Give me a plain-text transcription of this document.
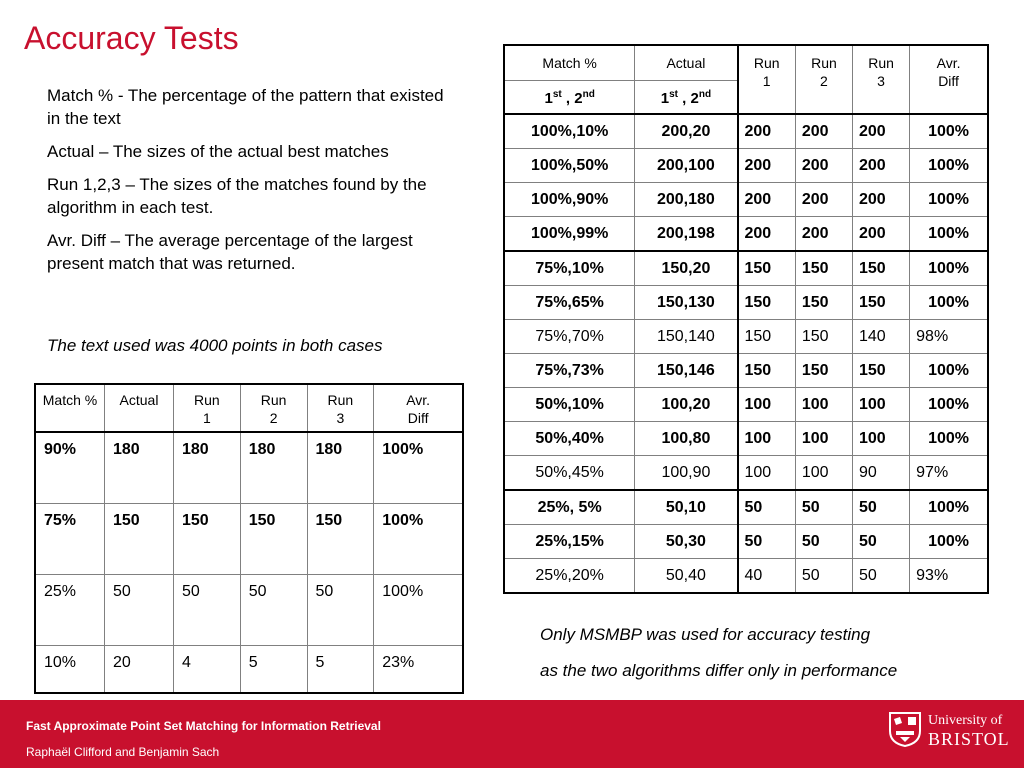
Accuracy Tests

Match % - The percentage of the pattern that existed in the text

Actual – The sizes of the actual best matches

Run 1,2,3 – The sizes of the matches found by the algorithm in each test.

Avr. Diff – The average percentage of the largest present match that was returned.

The text used was 4000 points in both cases
Match %	Actual	Run 1	Run 2	Run 3	Avr. Diff
1st , 2nd	1st , 2nd
100%,10%	200,20	200	200	200	100%
100%,50%	200,100	200	200	200	100%
100%,90%	200,180	200	200	200	100%
100%,99%	200,198	200	200	200	100%
75%,10%	150,20	150	150	150	100%
75%,65%	150,130	150	150	150	100%
75%,70%	150,140	150	150	140	98%
75%,73%	150,146	150	150	150	100%
50%,10%	100,20	100	100	100	100%
50%,40%	100,80	100	100	100	100%
50%,45%	100,90	100	100	90	97%
25%, 5%	50,10	50	50	50	100%
25%,15%	50,30	50	50	50	100%
25%,20%	50,40	40	50	50	93%
Match %	Actual	Run 1	Run 2	Run 3	Avr. Diff
90%	180	180	180	180	100%
75%	150	150	150	150	100%
25%	50	50	50	50	100%
10%	20	4	5	5	23%
Only MSMBP was used for accuracy testing
as the two algorithms differ only in performance
Fast Approximate Point Set Matching for Information Retrieval
Raphaël Clifford and Benjamin Sach
University of
BRISTOL
